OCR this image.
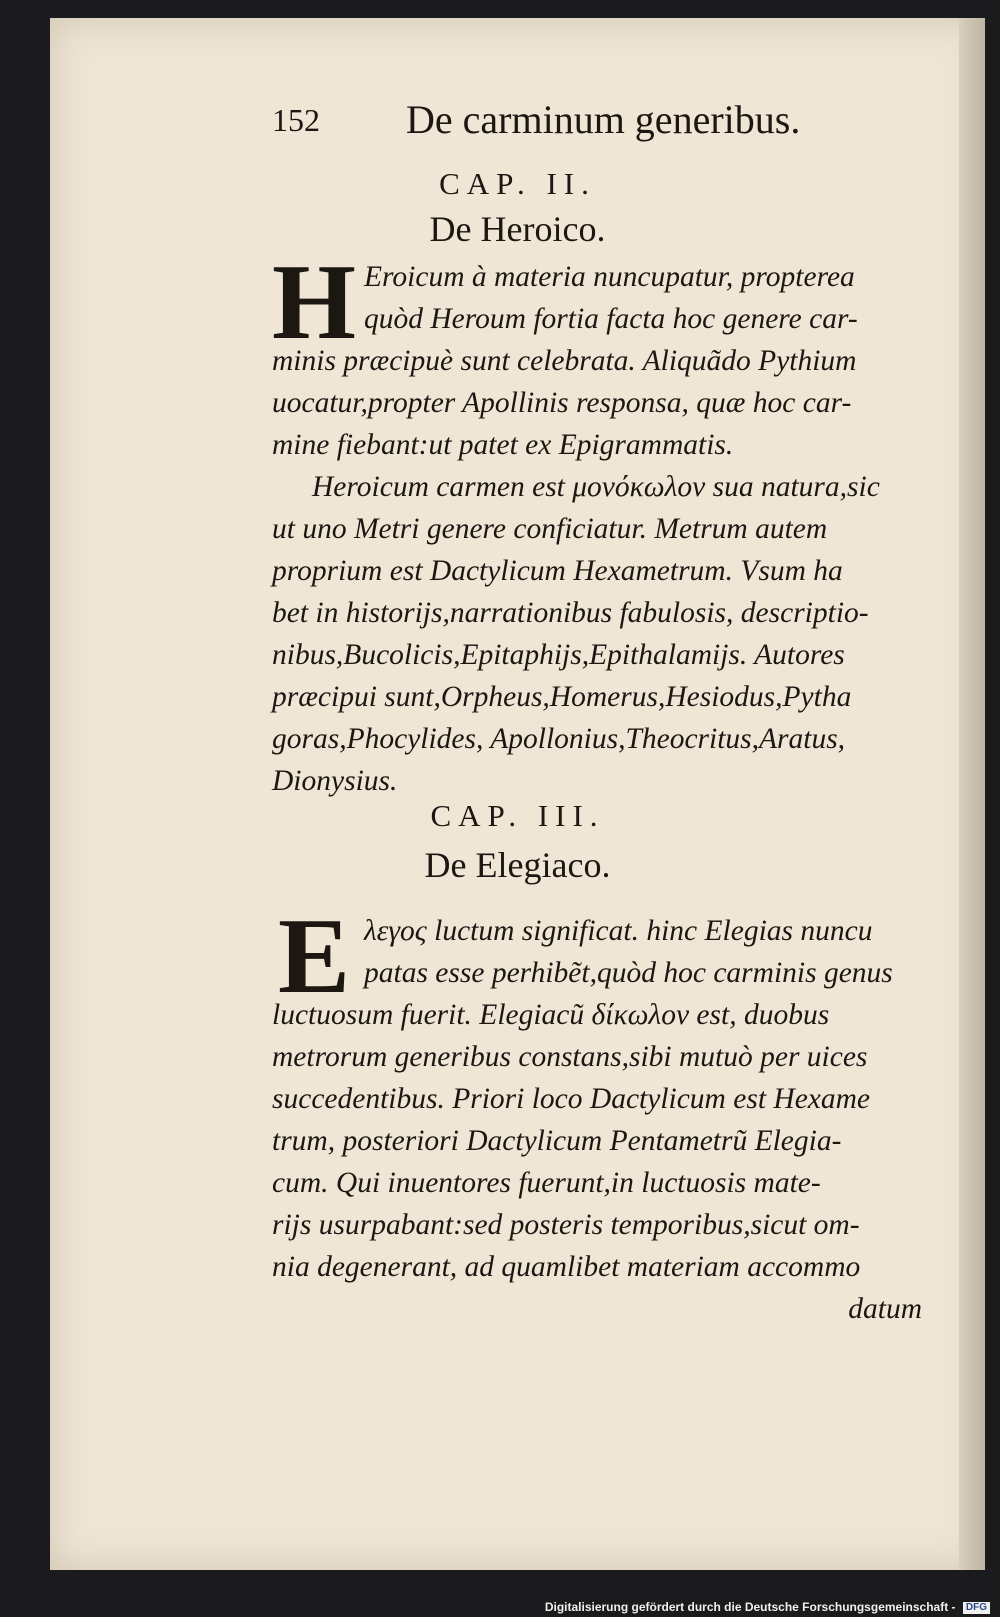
152 De carminum generibus.
CAP. II.
De Heroico.
H Eroicum à materia nuncupatur, propterea
quòd Heroum fortia facta hoc genere car-
minis præcipuè sunt celebrata. Aliquãdo Pythium
uocatur,propter Apollinis responsa, quæ hoc car-
mine fiebant:ut patet ex Epigrammatis.
Heroicum carmen est μονόκωλον sua natura,sic
ut uno Metri genere conficiatur. Metrum autem
proprium est Dactylicum Hexametrum. Vsum ha
bet in historijs,narrationibus fabulosis, descriptio-
nibus,Bucolicis,Epitaphijs,Epithalamijs. Autores
præcipui sunt,Orpheus,Homerus,Hesiodus,Pytha
goras,Phocylides, Apollonius,Theocritus,Aratus,
Dionysius.
CAP. III.
De Elegiaco.
E λεγος luctum significat. hinc Elegias nuncu
patas esse perhibẽt,quòd hoc carminis genus
luctuosum fuerit. Elegiacũ δίκωλον est, duobus
metrorum generibus constans,sibi mutuò per uices
succedentibus. Priori loco Dactylicum est Hexame
trum, posteriori Dactylicum Pentametrũ Elegia-
cum. Qui inuentores fuerunt,in luctuosis mate-
rijs usurpabant:sed posteris temporibus,sicut om-
nia degenerant, ad quamlibet materiam accommo
datum
Digitalisierung gefördert durch die Deutsche Forschungsgemeinschaft - DFG
